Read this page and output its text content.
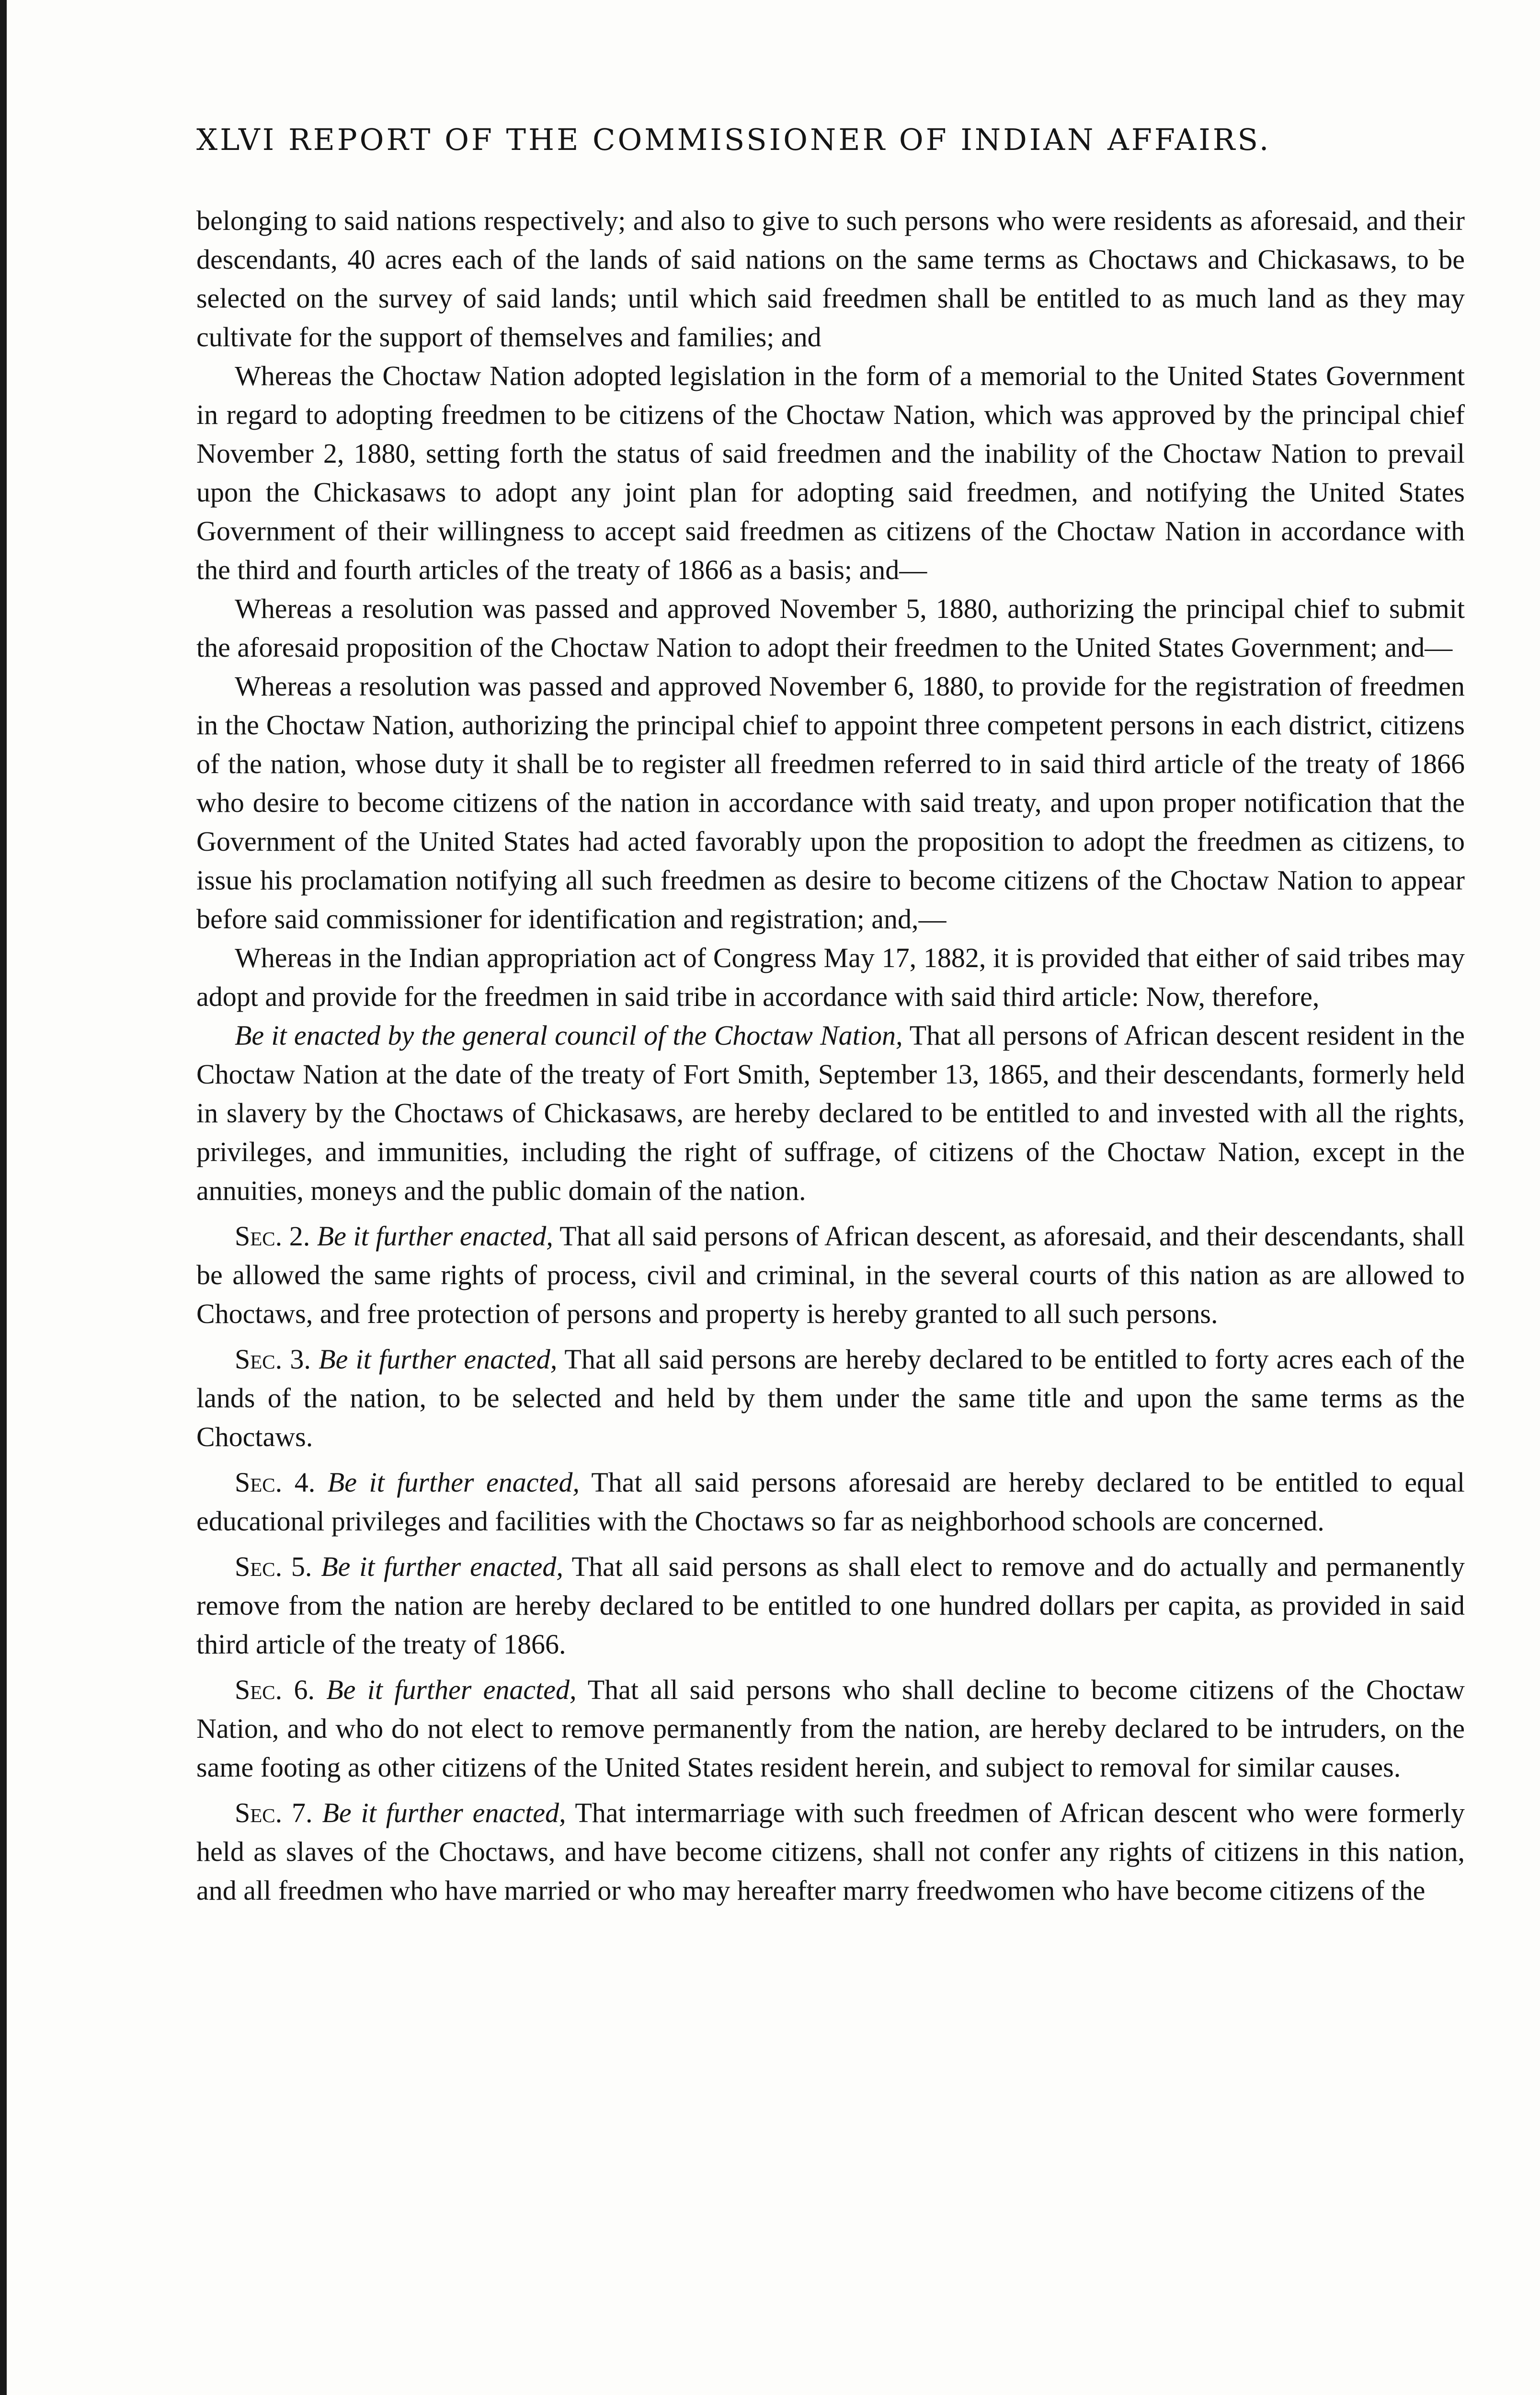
XLVI REPORT OF THE COMMISSIONER OF INDIAN AFFAIRS.

belonging to said nations respectively; and also to give to such persons who were residents as aforesaid, and their descendants, 40 acres each of the lands of said nations on the same terms as Choctaws and Chickasaws, to be selected on the survey of said lands; until which said freedmen shall be entitled to as much land as they may cultivate for the support of themselves and families; and

Whereas the Choctaw Nation adopted legislation in the form of a memorial to the United States Government in regard to adopting freedmen to be citizens of the Choctaw Nation, which was approved by the principal chief November 2, 1880, setting forth the status of said freedmen and the inability of the Choctaw Nation to prevail upon the Chickasaws to adopt any joint plan for adopting said freedmen, and notifying the United States Government of their willingness to accept said freedmen as citizens of the Choctaw Nation in accordance with the third and fourth articles of the treaty of 1866 as a basis; and—

Whereas a resolution was passed and approved November 5, 1880, authorizing the principal chief to submit the aforesaid proposition of the Choctaw Nation to adopt their freedmen to the United States Government; and—

Whereas a resolution was passed and approved November 6, 1880, to provide for the registration of freedmen in the Choctaw Nation, authorizing the principal chief to appoint three competent persons in each district, citizens of the nation, whose duty it shall be to register all freedmen referred to in said third article of the treaty of 1866 who desire to become citizens of the nation in accordance with said treaty, and upon proper notification that the Government of the United States had acted favorably upon the proposition to adopt the freedmen as citizens, to issue his proclamation notifying all such freedmen as desire to become citizens of the Choctaw Nation to appear before said commissioner for identification and registration; and,—

Whereas in the Indian appropriation act of Congress May 17, 1882, it is provided that either of said tribes may adopt and provide for the freedmen in said tribe in accordance with said third article: Now, therefore,

Be it enacted by the general council of the Choctaw Nation, That all persons of African descent resident in the Choctaw Nation at the date of the treaty of Fort Smith, September 13, 1865, and their descendants, formerly held in slavery by the Choctaws of Chickasaws, are hereby declared to be entitled to and invested with all the rights, privileges, and immunities, including the right of suffrage, of citizens of the Choctaw Nation, except in the annuities, moneys and the public domain of the nation.

Sec. 2. Be it further enacted, That all said persons of African descent, as aforesaid, and their descendants, shall be allowed the same rights of process, civil and criminal, in the several courts of this nation as are allowed to Choctaws, and free protection of persons and property is hereby granted to all such persons.

Sec. 3. Be it further enacted, That all said persons are hereby declared to be entitled to forty acres each of the lands of the nation, to be selected and held by them under the same title and upon the same terms as the Choctaws.

Sec. 4. Be it further enacted, That all said persons aforesaid are hereby declared to be entitled to equal educational privileges and facilities with the Choctaws so far as neighborhood schools are concerned.

Sec. 5. Be it further enacted, That all said persons as shall elect to remove and do actually and permanently remove from the nation are hereby declared to be entitled to one hundred dollars per capita, as provided in said third article of the treaty of 1866.

Sec. 6. Be it further enacted, That all said persons who shall decline to become citizens of the Choctaw Nation, and who do not elect to remove permanently from the nation, are hereby declared to be intruders, on the same footing as other citizens of the United States resident herein, and subject to removal for similar causes.

Sec. 7. Be it further enacted, That intermarriage with such freedmen of African descent who were formerly held as slaves of the Choctaws, and have become citizens, shall not confer any rights of citizens in this nation, and all freedmen who have married or who may hereafter marry freedwomen who have become citizens of the
